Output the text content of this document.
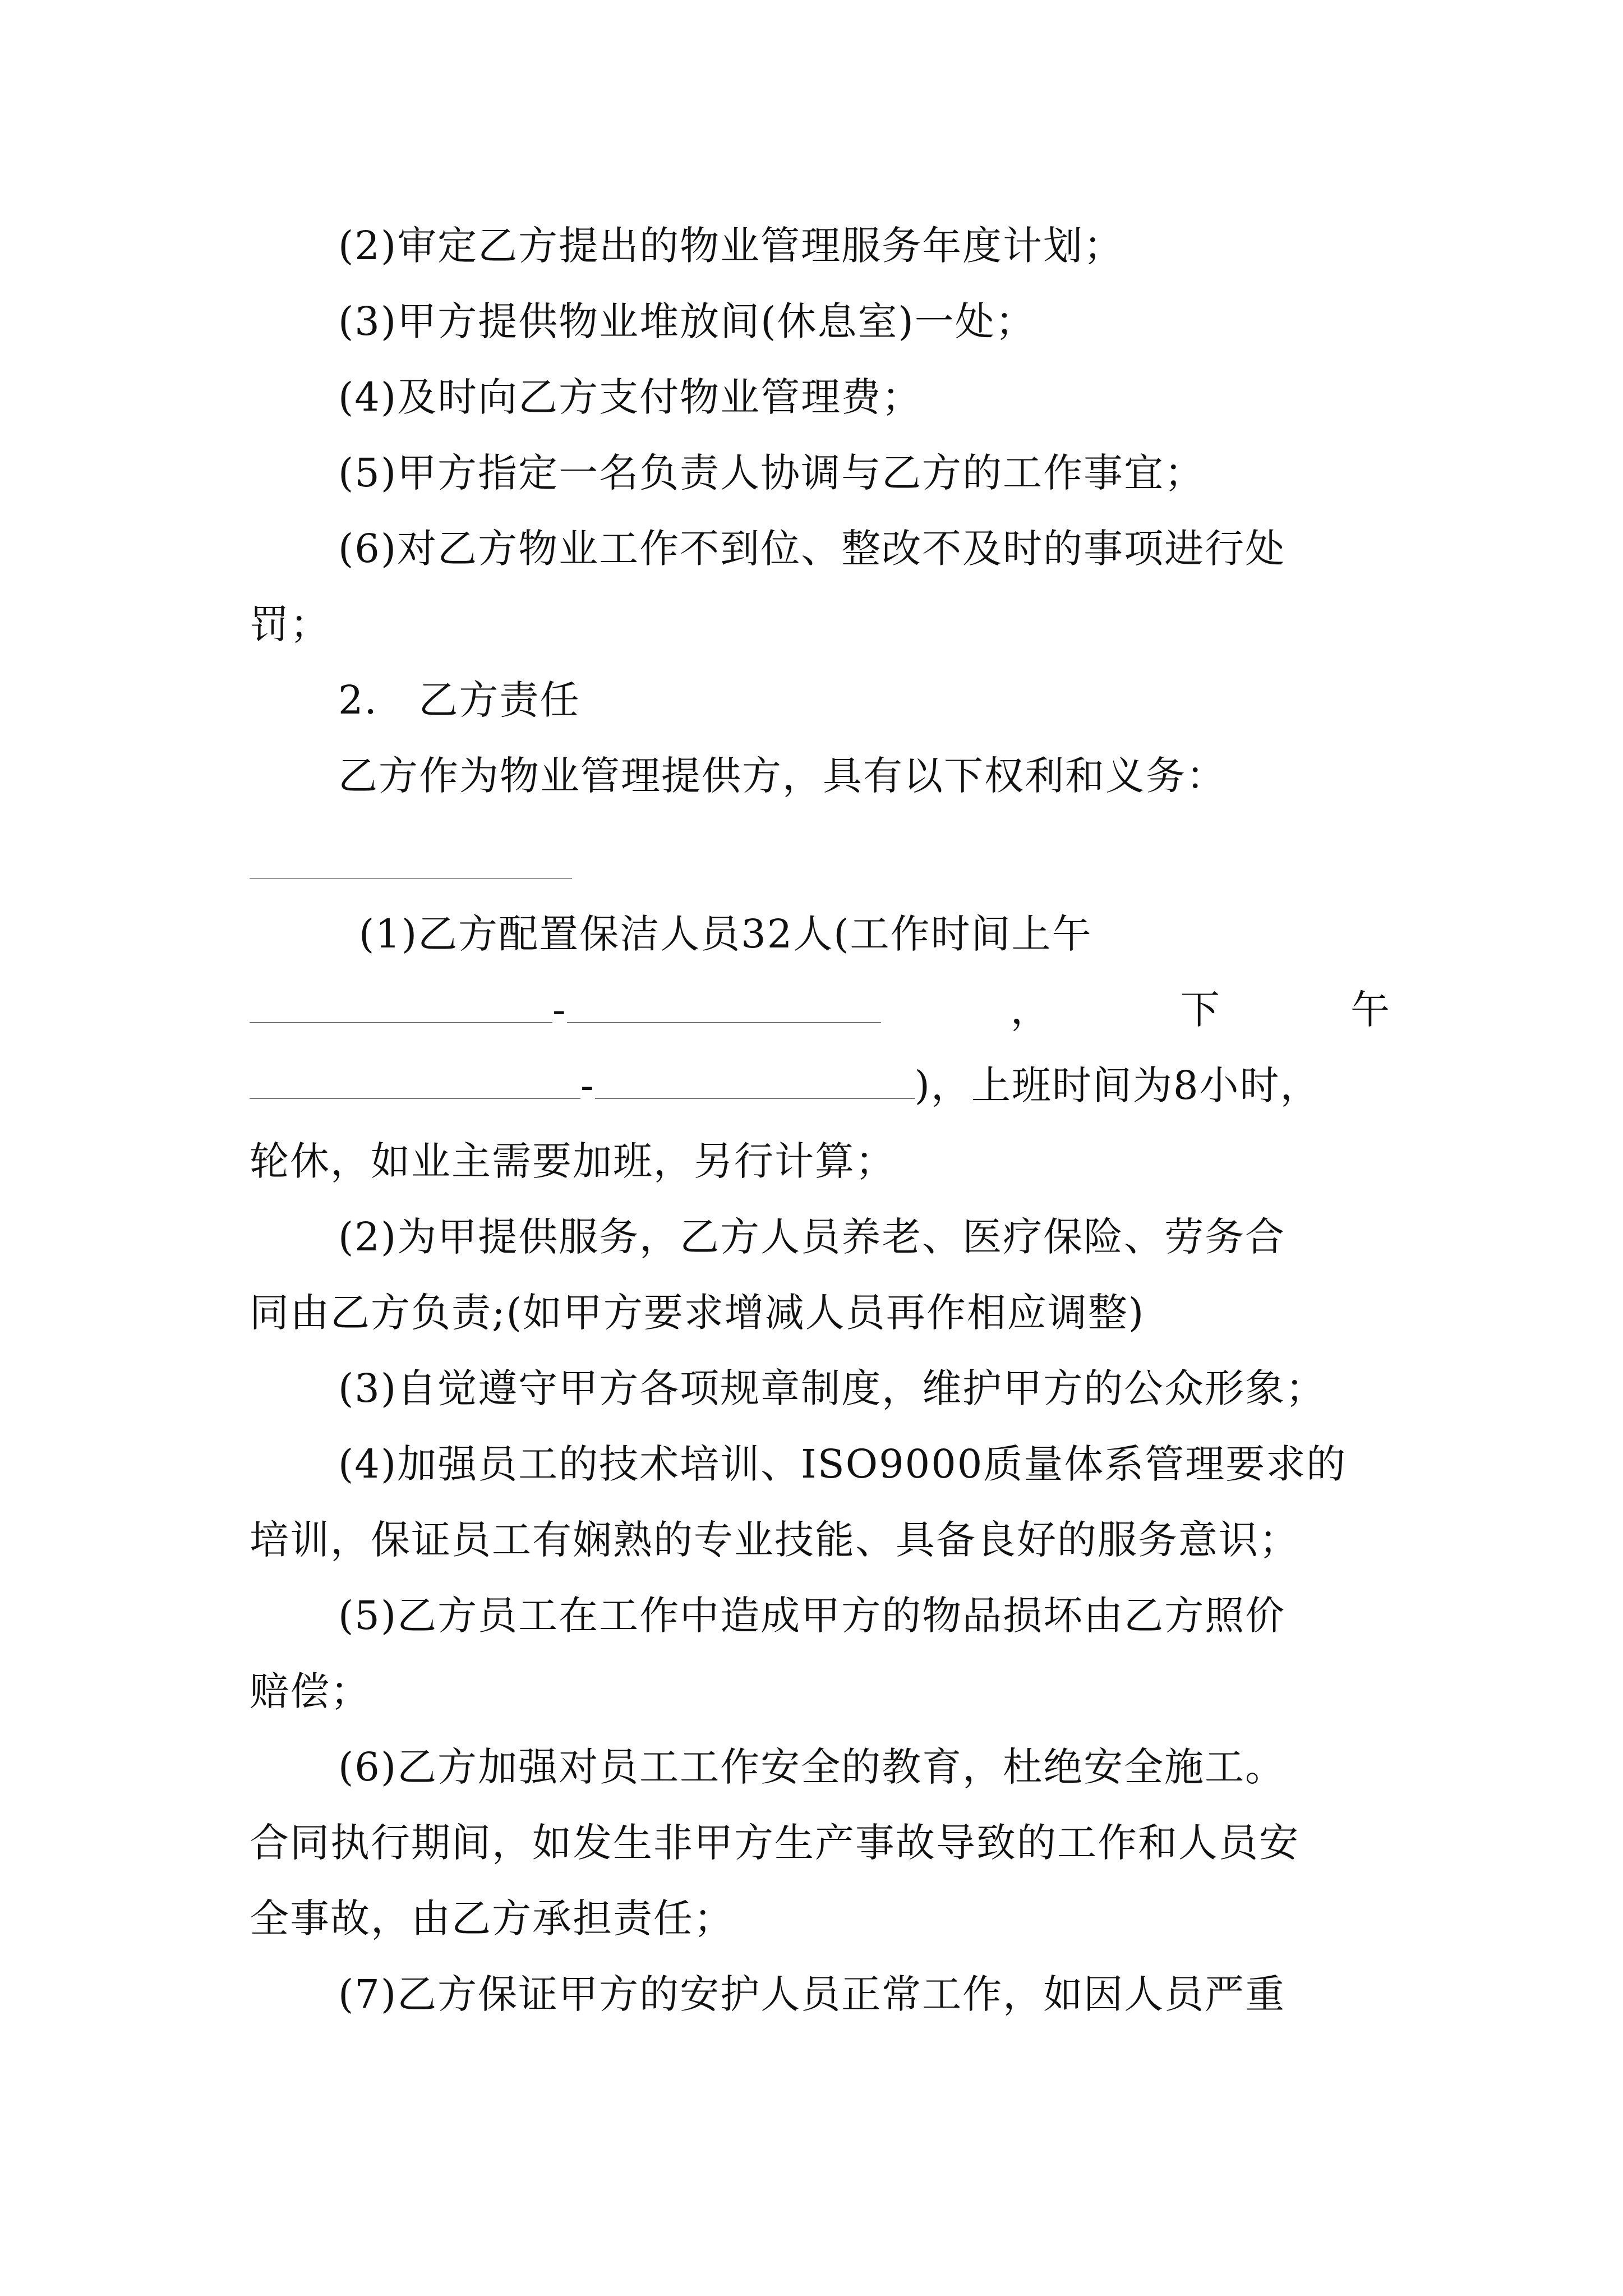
(2)审定乙方提出的物业管理服务年度计划；
(3)甲方提供物业堆放间(休息室)一处；
(4)及时向乙方支付物业管理费；
(5)甲方指定一名负责人协调与乙方的工作事宜；
(6)对乙方物业工作不到位、整改不及时的事项进行处
罚；
2.   乙方责任
乙方作为物业管理提供方，具有以下权利和义务：
(1)乙方配置保洁人员32人(工作时间上午
-	，	下	午
-	)，上班时间为8小时，
轮休，如业主需要加班，另行计算；
(2)为甲提供服务，乙方人员养老、医疗保险、劳务合
同由乙方负责;(如甲方要求增减人员再作相应调整)
(3)自觉遵守甲方各项规章制度，维护甲方的公众形象；
(4)加强员工的技术培训、ISO9000质量体系管理要求的
培训，保证员工有娴熟的专业技能、具备良好的服务意识；
(5)乙方员工在工作中造成甲方的物品损坏由乙方照价
赔偿；
(6)乙方加强对员工工作安全的教育，杜绝安全施工。
合同执行期间，如发生非甲方生产事故导致的工作和人员安
全事故，由乙方承担责任；
(7)乙方保证甲方的安护人员正常工作，如因人员严重
